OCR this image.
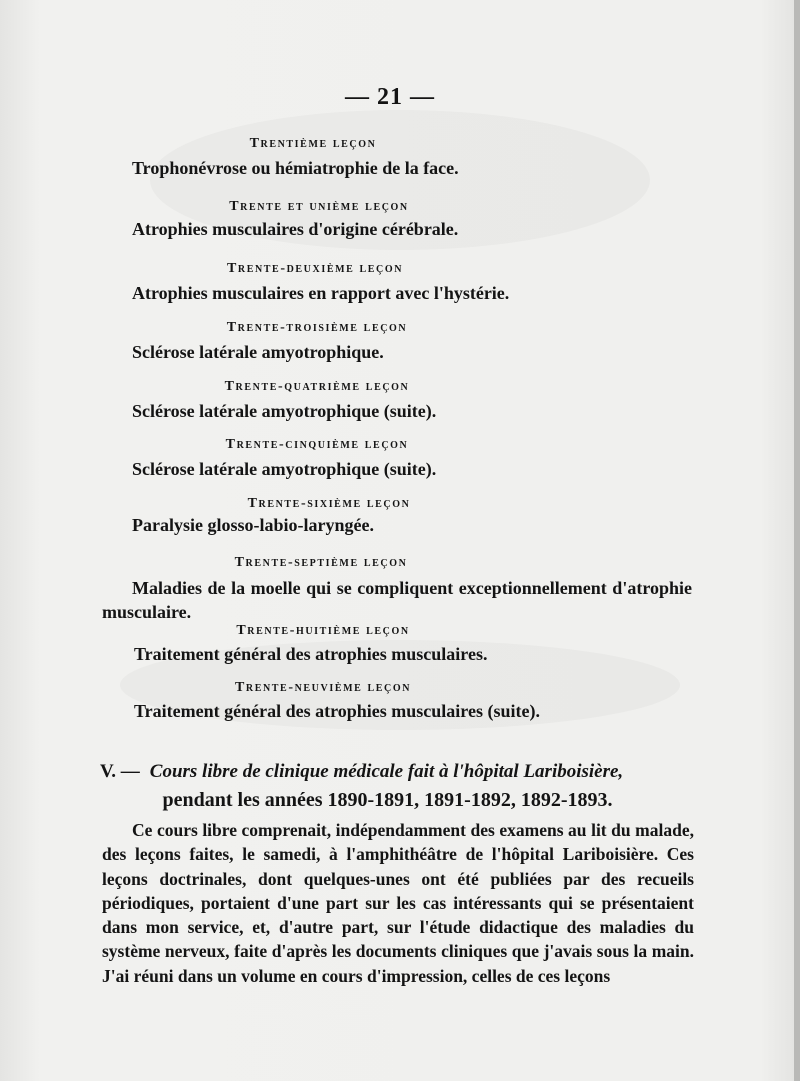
— 21 —
Trentième leçon
Trophonévrose ou hémiatrophie de la face.
Trente et unième leçon
Atrophies musculaires d'origine cérébrale.
Trente-deuxième leçon
Atrophies musculaires en rapport avec l'hystérie.
Trente-troisième leçon
Sclérose latérale amyotrophique.
Trente-quatrième leçon
Sclérose latérale amyotrophique (suite).
Trente-cinquième leçon
Sclérose latérale amyotrophique (suite).
Trente-sixième leçon
Paralysie glosso-labio-laryngée.
Trente-septième leçon
Maladies de la moelle qui se compliquent exceptionnellement d'atrophie musculaire.
Trente-huitième leçon
Traitement général des atrophies musculaires.
Trente-neuvième leçon
Traitement général des atrophies musculaires (suite).
V. — Cours libre de clinique médicale fait à l'hôpital Lariboisière,
pendant les années 1890-1891, 1891-1892, 1892-1893.
Ce cours libre comprenait, indépendamment des examens au lit du malade, des leçons faites, le samedi, à l'amphithéâtre de l'hôpital Lariboisière. Ces leçons doctrinales, dont quelques-unes ont été publiées par des recueils périodiques, portaient d'une part sur les cas intéressants qui se présentaient dans mon service, et, d'autre part, sur l'étude didactique des maladies du système nerveux, faite d'après les documents cliniques que j'avais sous la main. J'ai réuni dans un volume en cours d'impression, celles de ces leçons
